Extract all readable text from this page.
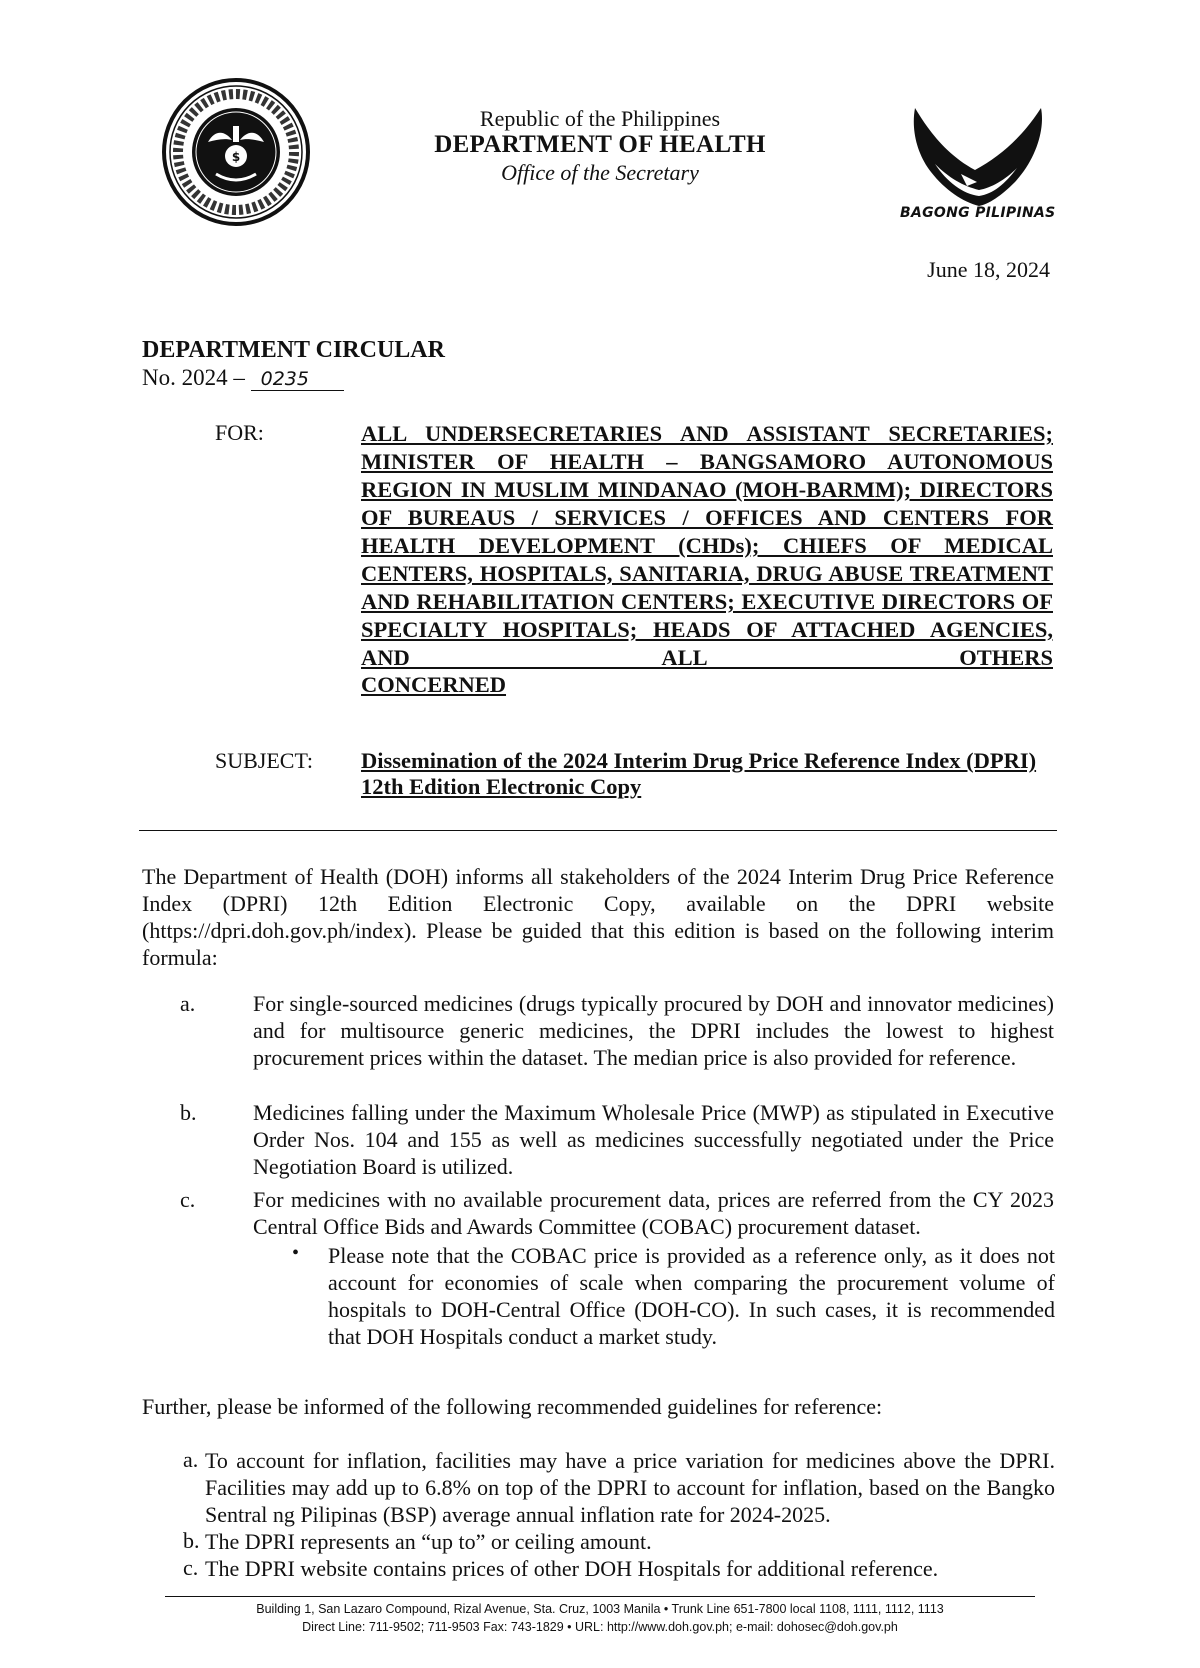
$
Republic of the Philippines
DEPARTMENT OF HEALTH
Office of the Secretary
BAGONG PILIPINAS
June 18, 2024
DEPARTMENT CIRCULAR
No. 2024 – 0235
FOR:	ALL UNDERSECRETARIES AND ASSISTANT SECRETARIES; MINISTER OF HEALTH – BANGSAMORO AUTONOMOUS REGION IN MUSLIM MINDANAO (MOH-BARMM); DIRECTORS OF BUREAUS / SERVICES / OFFICES AND CENTERS FOR HEALTH DEVELOPMENT (CHDs); CHIEFS OF MEDICAL CENTERS, HOSPITALS, SANITARIA, DRUG ABUSE TREATMENT AND REHABILITATION CENTERS; EXECUTIVE DIRECTORS OF SPECIALTY HOSPITALS; HEADS OF ATTACHED AGENCIES, AND ALL OTHERS
CONCERNED
SUBJECT: Dissemination of the 2024 Interim Drug Price Reference Index (DPRI) 12th Edition Electronic Copy
The Department of Health (DOH) informs all stakeholders of the 2024 Interim Drug Price Reference Index (DPRI) 12th Edition Electronic Copy, available on the DPRI website (https://dpri.doh.gov.ph/index). Please be guided that this edition is based on the following interim formula:
a.	For single-sourced medicines (drugs typically procured by DOH and innovator medicines) and for multisource generic medicines, the DPRI includes the lowest to highest procurement prices within the dataset. The median price is also provided for reference.
b.	Medicines falling under the Maximum Wholesale Price (MWP) as stipulated in Executive Order Nos. 104 and 155 as well as medicines successfully negotiated under the Price Negotiation Board is utilized.
c.	For medicines with no available procurement data, prices are referred from the CY 2023 Central Office Bids and Awards Committee (COBAC) procurement dataset.
• Please note that the COBAC price is provided as a reference only, as it does not account for economies of scale when comparing the procurement volume of hospitals to DOH-Central Office (DOH-CO). In such cases, it is recommended that DOH Hospitals conduct a market study.
Further, please be informed of the following recommended guidelines for reference:
a. To account for inflation, facilities may have a price variation for medicines above the DPRI. Facilities may add up to 6.8% on top of the DPRI to account for inflation, based on the Bangko Sentral ng Pilipinas (BSP) average annual inflation rate for 2024-2025.
b. The DPRI represents an “up to” or ceiling amount.
c. The DPRI website contains prices of other DOH Hospitals for additional reference.
Building 1, San Lazaro Compound, Rizal Avenue, Sta. Cruz, 1003 Manila • Trunk Line 651-7800 local 1108, 1111, 1112, 1113
Direct Line: 711-9502; 711-9503 Fax: 743-1829 • URL: http://www.doh.gov.ph; e-mail: dohosec@doh.gov.ph
